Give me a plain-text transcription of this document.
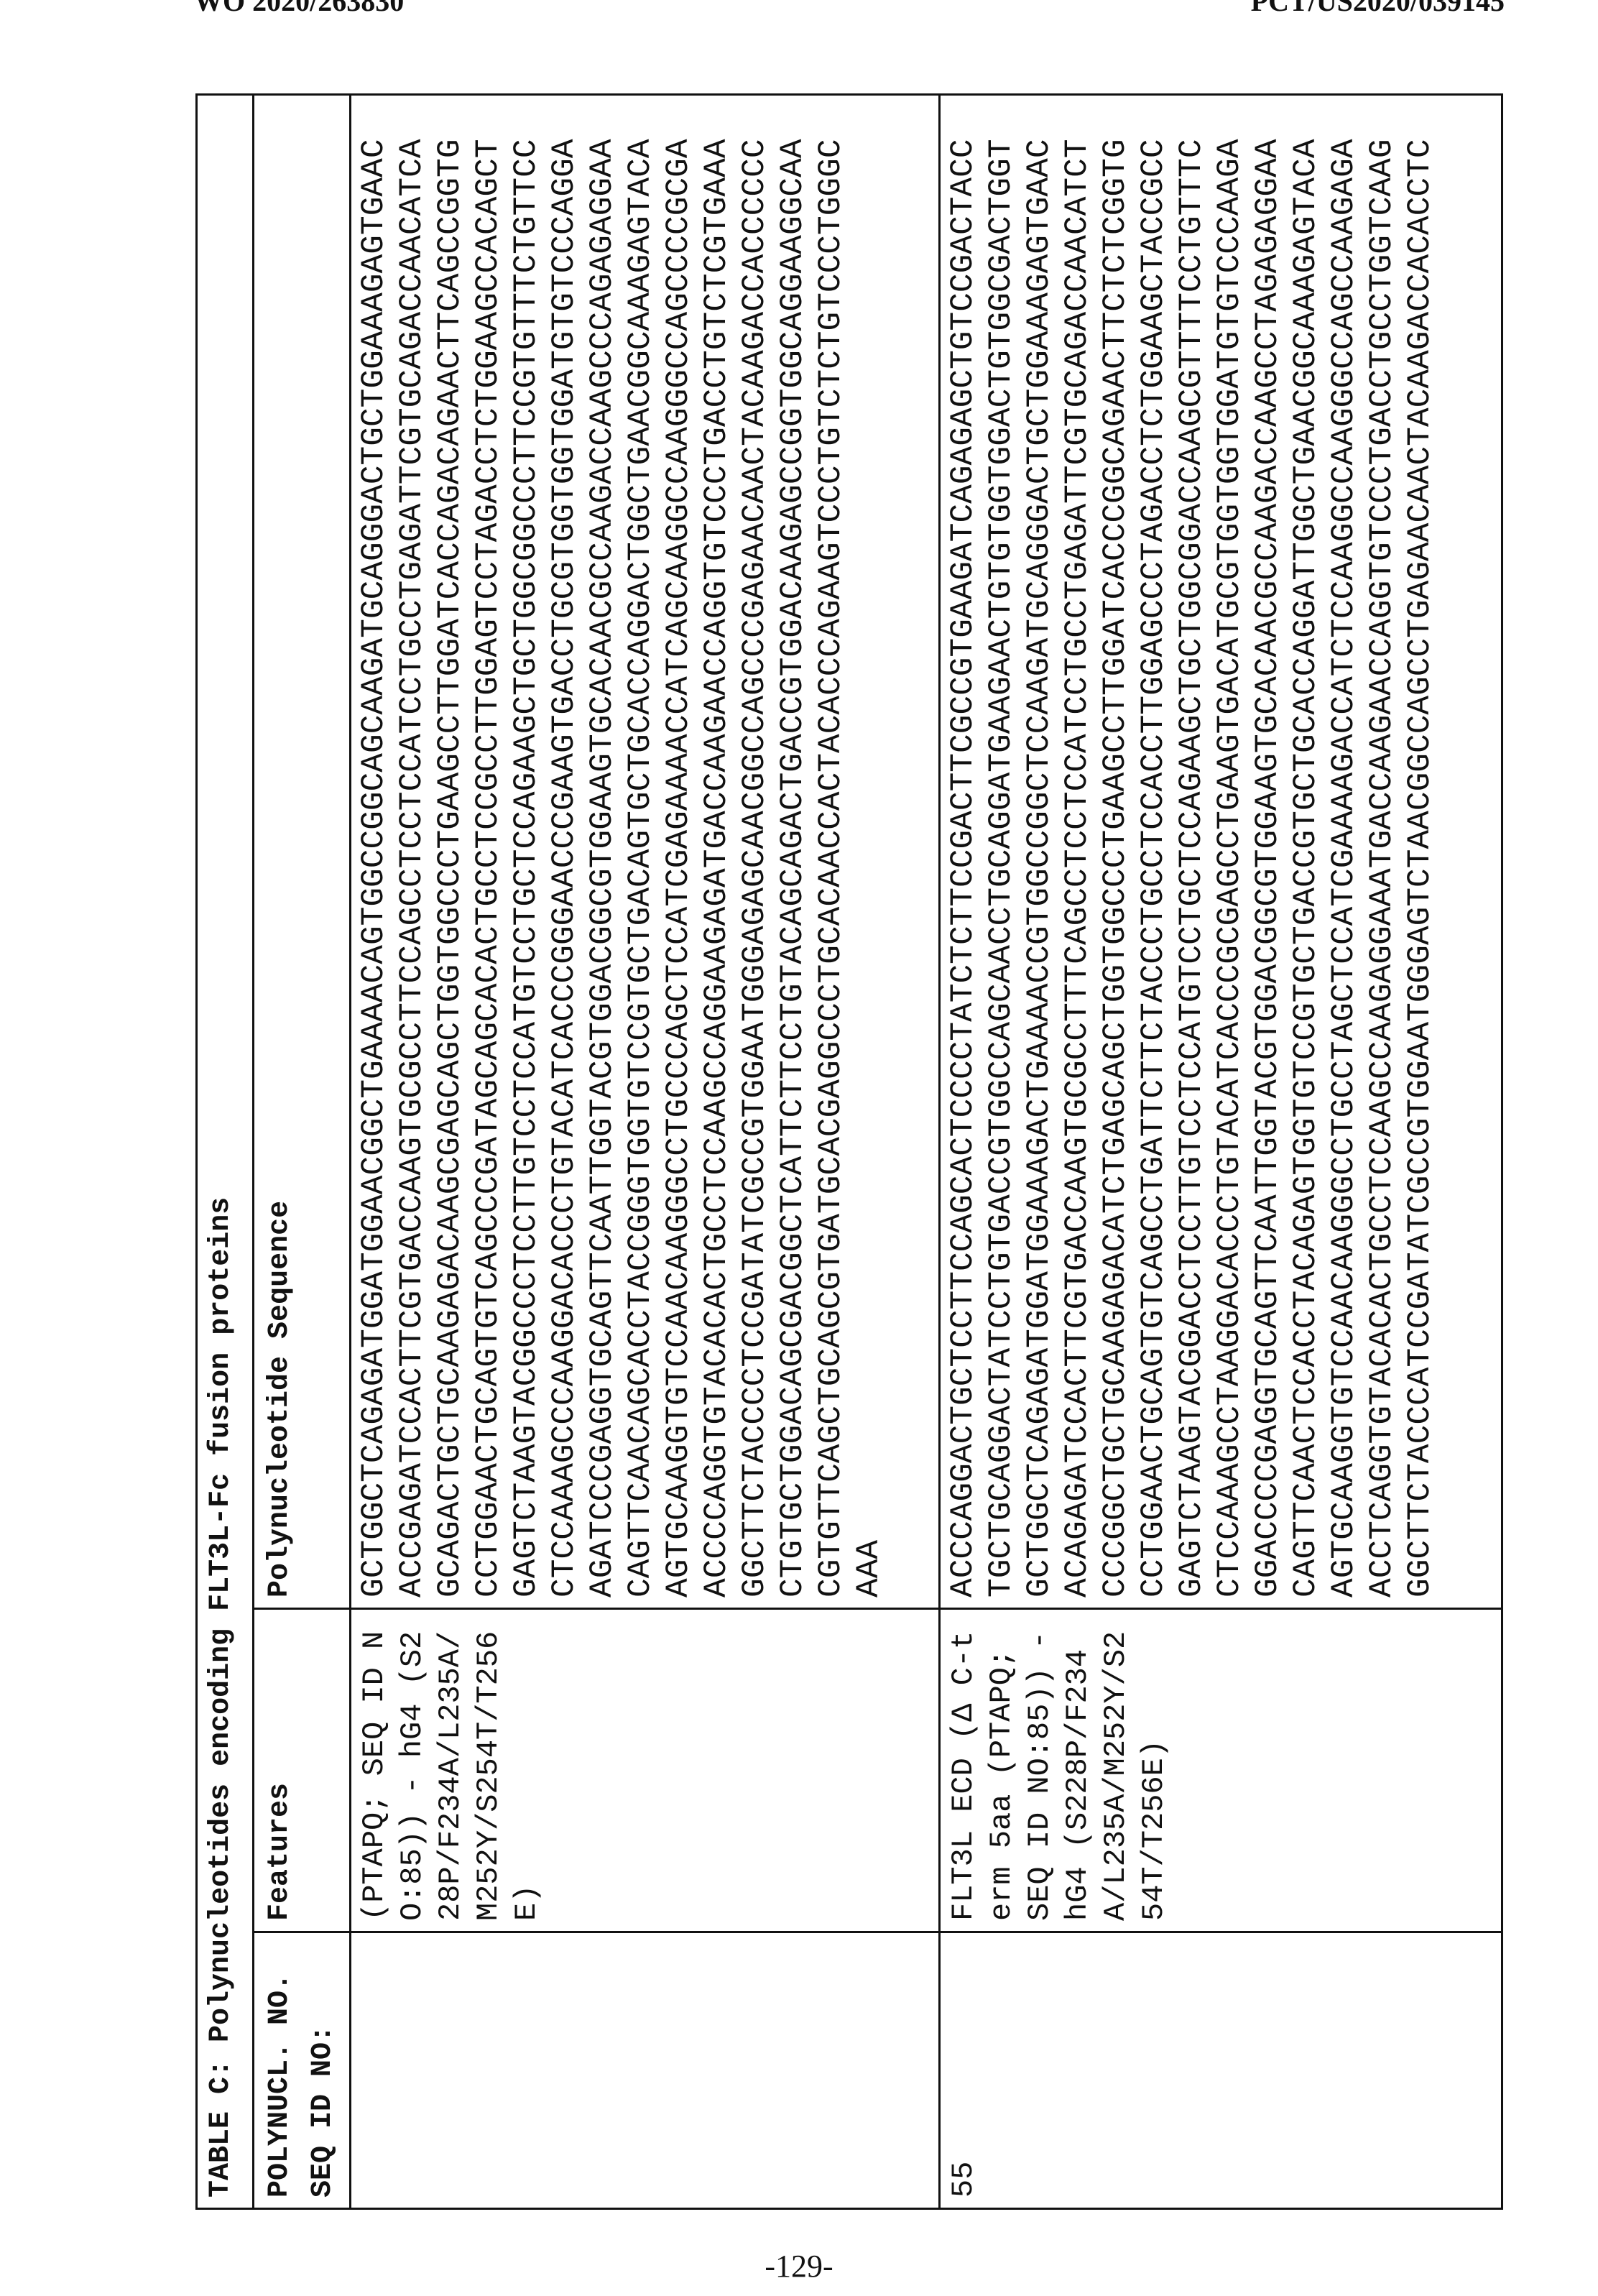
WO 2020/263830	PCT/US2020/039145
TABLE C: Polynucleotides encoding FLT3L-Fc fusion proteinsPOLYNUCL. NO. SEQ ID NO:	Features	Polynucleotide Sequence
	(PTAPQ; SEQ ID NO:85)) - hG4 (S228P/F234A/L235A/M252Y/S254T/T256E)	
GCTGGCTCAGAGATGGATGGAACGGCTGAAAACAGTGGCCGGCAGCAAGATGCAGGGACTGCTGGAAAGAGTGAAC ACCGAGATCCACTTCGTGACCAAGTGCGCCTTCCAGCCTCCTCCATCCTGCCTGAGATTCGTGCAGACCAACATCA GCAGACTGCTGCAAGAGACAAGCGAGCAGCTGGTGGCCCTGAAGCCTTGGATCACCAGACAGAACTTCAGCCGGTG CCTGGAACTGCAGTGTCAGCCCGATAGCAGCACACTGCCTCCGCCTTGGAGTCCTAGACCTCTGGAAGCCACAGCT GAGTCTAAGTACGGCCCTCCTTGTCCTCCATGTCCTGCTCCAGAAGCTGCTGGCGGCCCTTCCGTGTTTCTGTTCC CTCCAAAGCCCAAGGACACCCTGTACATCACCCGGGAACCCGAAGTGACCTGCGTGGTGGTGGATGTGTCCCAGGA AGATCCCGAGGTGCAGTTCAATTGGTACGTGGACGGCGTGGAAGTGCACAACGCCAAGACCAAGCCCAGAGAGGAA CAGTTCAACAGCACCTACCGGGTGGTGTCCGTGCTGACAGTGCTGCACCAGGACTGGCTGAACGGCAAAGAGTACA AGTGCAAGGTGTCCAACAAGGGCCTGCCCAGCTCCATCGAGAAAACCATCAGCAAGGCCAAGGGCCAGCCCCGCGA ACCCCAGGTGTACACACTGCCTCCAAGCCAGGAAGAGATGACCAAGAACCAGGTGTCCCTGACCTGTCTCGTGAAA GGCTTCTACCCCTCCGATATCGCCGTGGAATGGGAGAGCAACGGCCAGCCCGAGAACAACTACAAGACCACCCCCC CTGTGCTGGACAGCGACGGCTCATTCTTCCTGTACAGCAGACTGACCGTGGACAAGAGCCGGTGGCAGGAAGGCAA CGTGTTCAGCTGCAGCGTGATGCACGAGGCCCTGCACAACCACTACACCCAGAAGTCCCTGTCTCTGTCCCTGGGC AAA

55	FLT3L ECD (Δ C-term 5aa (PTAPQ; SEQ ID NO:85)) - hG4 (S228P/F234A/L235A/M252Y/S254T/T256E)	
ACCCAGGACTGCTCCTTCCAGCACTCCCCTATCTCTTCCGACTTCGCCGTGAAGATCAGAGAGCTGTCCGACTACC TGCTGCAGGACTATCCTGTGACCGTGGCCAGCAACCTGCAGGATGAAGAACTGTGTGGTGGACTGTGGCGACTGGT GCTGGCTCAGAGATGGATGGAAAGACTGAAAACCGTGGCCGGCTCCAAGATGCAGGGACTGCTGGAAAGAGTGAAC ACAGAGATCCACTTCGTGACCAAGTGCGCCTTTCAGCCTCCTCCATCCTGCCTGAGATTCGTGCAGACCAACATCT CCCGGCTGCTGCAAGAGACATCTGAGCAGCTGGTGGCCCTGAAGCCTTGGATCACCCGGCAGAACTTCTCTCGGTG CCTGGAACTGCAGTGTCAGCCTGATTCTTCTACCCTGCCTCCACCTTGGAGCCCTAGACCTCTGGAAGCTACCGCC GAGTCTAAGTACGGACCTCCTTGTCCTCCATGTCCTGCTCCAGAAGCTGCTGGCGGACCAAGCGTTTTCCTGTTTC CTCCAAAGCCTAAGGACACCCTGTACATCACCCGCGAGCCTGAAGTGACATGCGTGGTGGTGGATGTGTCCCAAGA GGACCCCGAGGTGCAGTTCAATTGGTACGTGGACGGCGTGGAAGTGCACAACGCCAAGACCAAGCCTAGAGAGGAA CAGTTCAACTCCACCTACAGAGTGGTGTCCGTGCTGACCGTGCTGCACCAGGATTGGCTGAACGGCAAAGAGTACA AGTGCAAGGTGTCCAACAAGGGCCTGCCTAGCTCCATCGAAAAGACCATCTCCAAGGCCAAGGGCCAGCCAAGAGA ACCTCAGGTGTACACACTGCCTCCAAGCCAAGAGGAAATGACCAAGAACCAGGTGTCCCTGACCTGCCTGGTCAAG GGCTTCTACCCATCCGATATCGCCGTGGAATGGGAGTCTAACGGCCAGCCTGAGAACAACTACAAGACCACACCTC
-129-
